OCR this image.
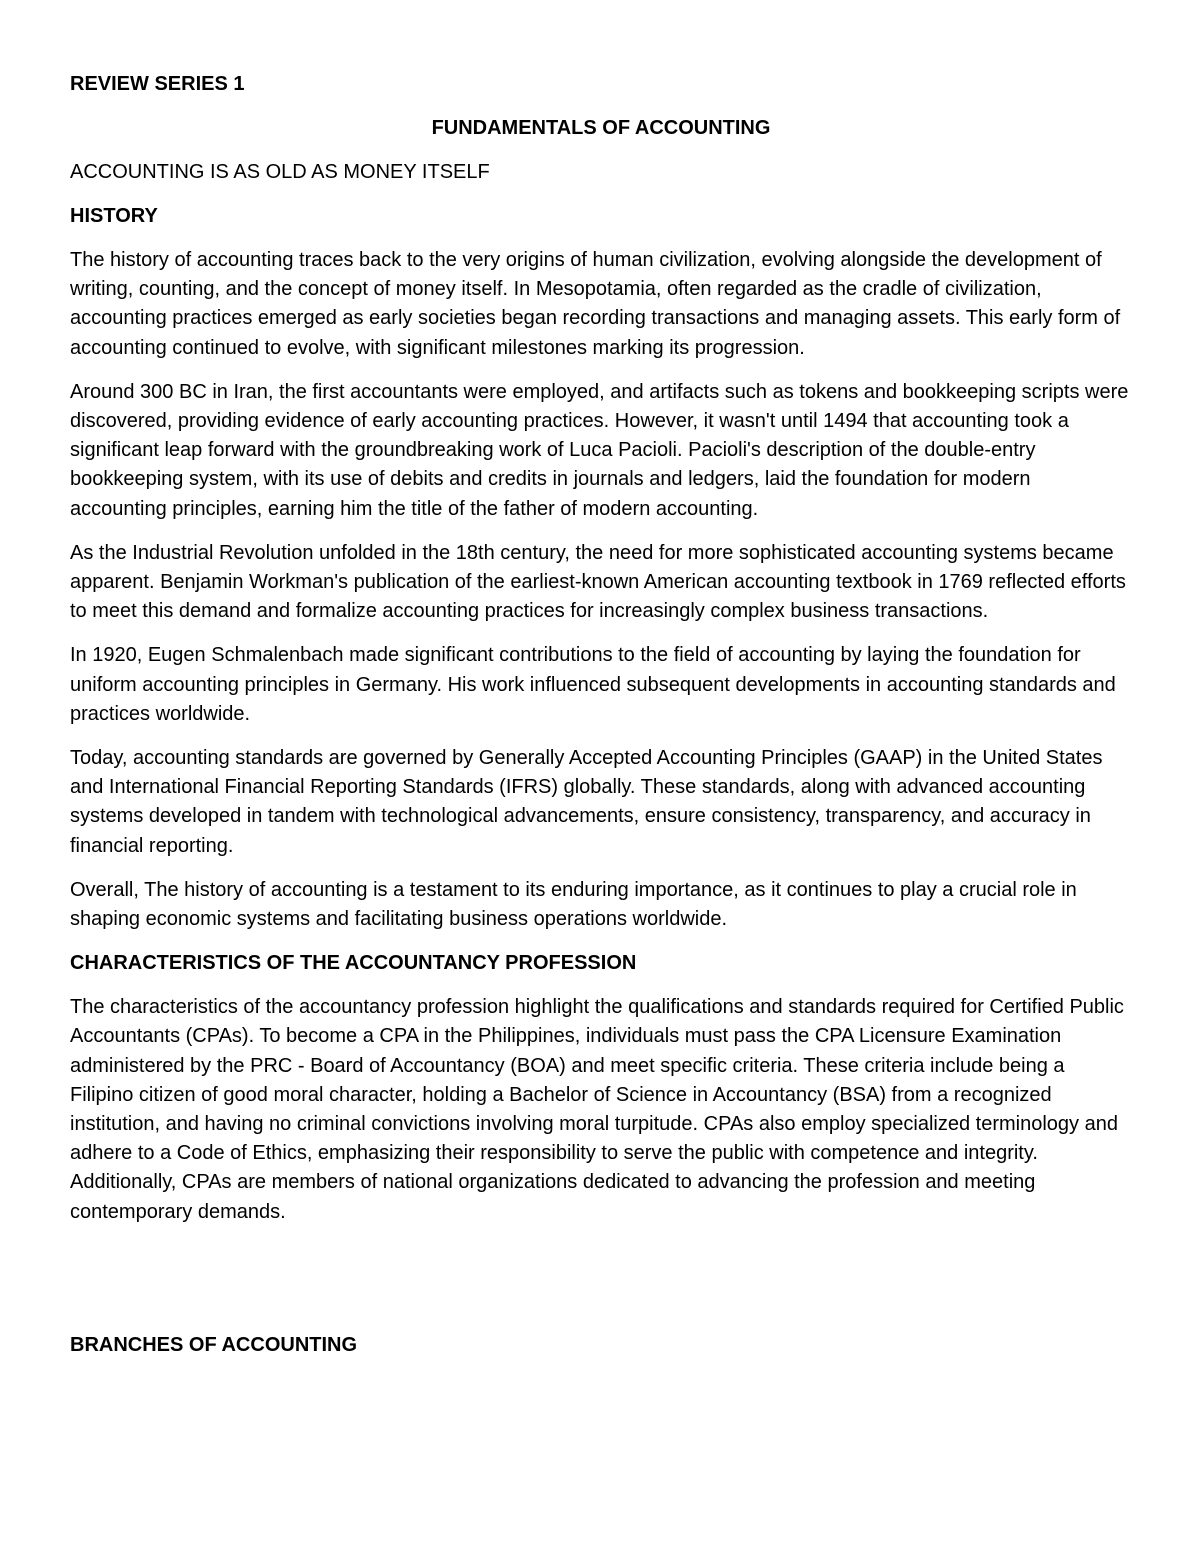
REVIEW SERIES 1
FUNDAMENTALS OF ACCOUNTING
ACCOUNTING IS AS OLD AS MONEY ITSELF
HISTORY

The history of accounting traces back to the very origins of human civilization, evolving alongside the development of writing, counting, and the concept of money itself. In Mesopotamia, often regarded as the cradle of civilization, accounting practices emerged as early societies began recording transactions and managing assets. This early form of accounting continued to evolve, with significant milestones marking its progression.

Around 300 BC in Iran, the first accountants were employed, and artifacts such as tokens and bookkeeping scripts were discovered, providing evidence of early accounting practices. However, it wasn't until 1494 that accounting took a significant leap forward with the groundbreaking work of Luca Pacioli. Pacioli's description of the double-entry bookkeeping system, with its use of debits and credits in journals and ledgers, laid the foundation for modern accounting principles, earning him the title of the father of modern accounting.

As the Industrial Revolution unfolded in the 18th century, the need for more sophisticated accounting systems became apparent. Benjamin Workman's publication of the earliest-known American accounting textbook in 1769 reflected efforts to meet this demand and formalize accounting practices for increasingly complex business transactions.

In 1920, Eugen Schmalenbach made significant contributions to the field of accounting by laying the foundation for uniform accounting principles in Germany. His work influenced subsequent developments in accounting standards and practices worldwide.

Today, accounting standards are governed by Generally Accepted Accounting Principles (GAAP) in the United States and International Financial Reporting Standards (IFRS) globally. These standards, along with advanced accounting systems developed in tandem with technological advancements, ensure consistency, transparency, and accuracy in financial reporting.

Overall, The history of accounting is a testament to its enduring importance, as it continues to play a crucial role in shaping economic systems and facilitating business operations worldwide.

CHARACTERISTICS OF THE ACCOUNTANCY PROFESSION

The characteristics of the accountancy profession highlight the qualifications and standards required for Certified Public Accountants (CPAs). To become a CPA in the Philippines, individuals must pass the CPA Licensure Examination administered by the PRC - Board of Accountancy (BOA) and meet specific criteria. These criteria include being a Filipino citizen of good moral character, holding a Bachelor of Science in Accountancy (BSA) from a recognized institution, and having no criminal convictions involving moral turpitude. CPAs also employ specialized terminology and adhere to a Code of Ethics, emphasizing their responsibility to serve the public with competence and integrity. Additionally, CPAs are members of national organizations dedicated to advancing the profession and meeting contemporary demands.

BRANCHES OF ACCOUNTING
